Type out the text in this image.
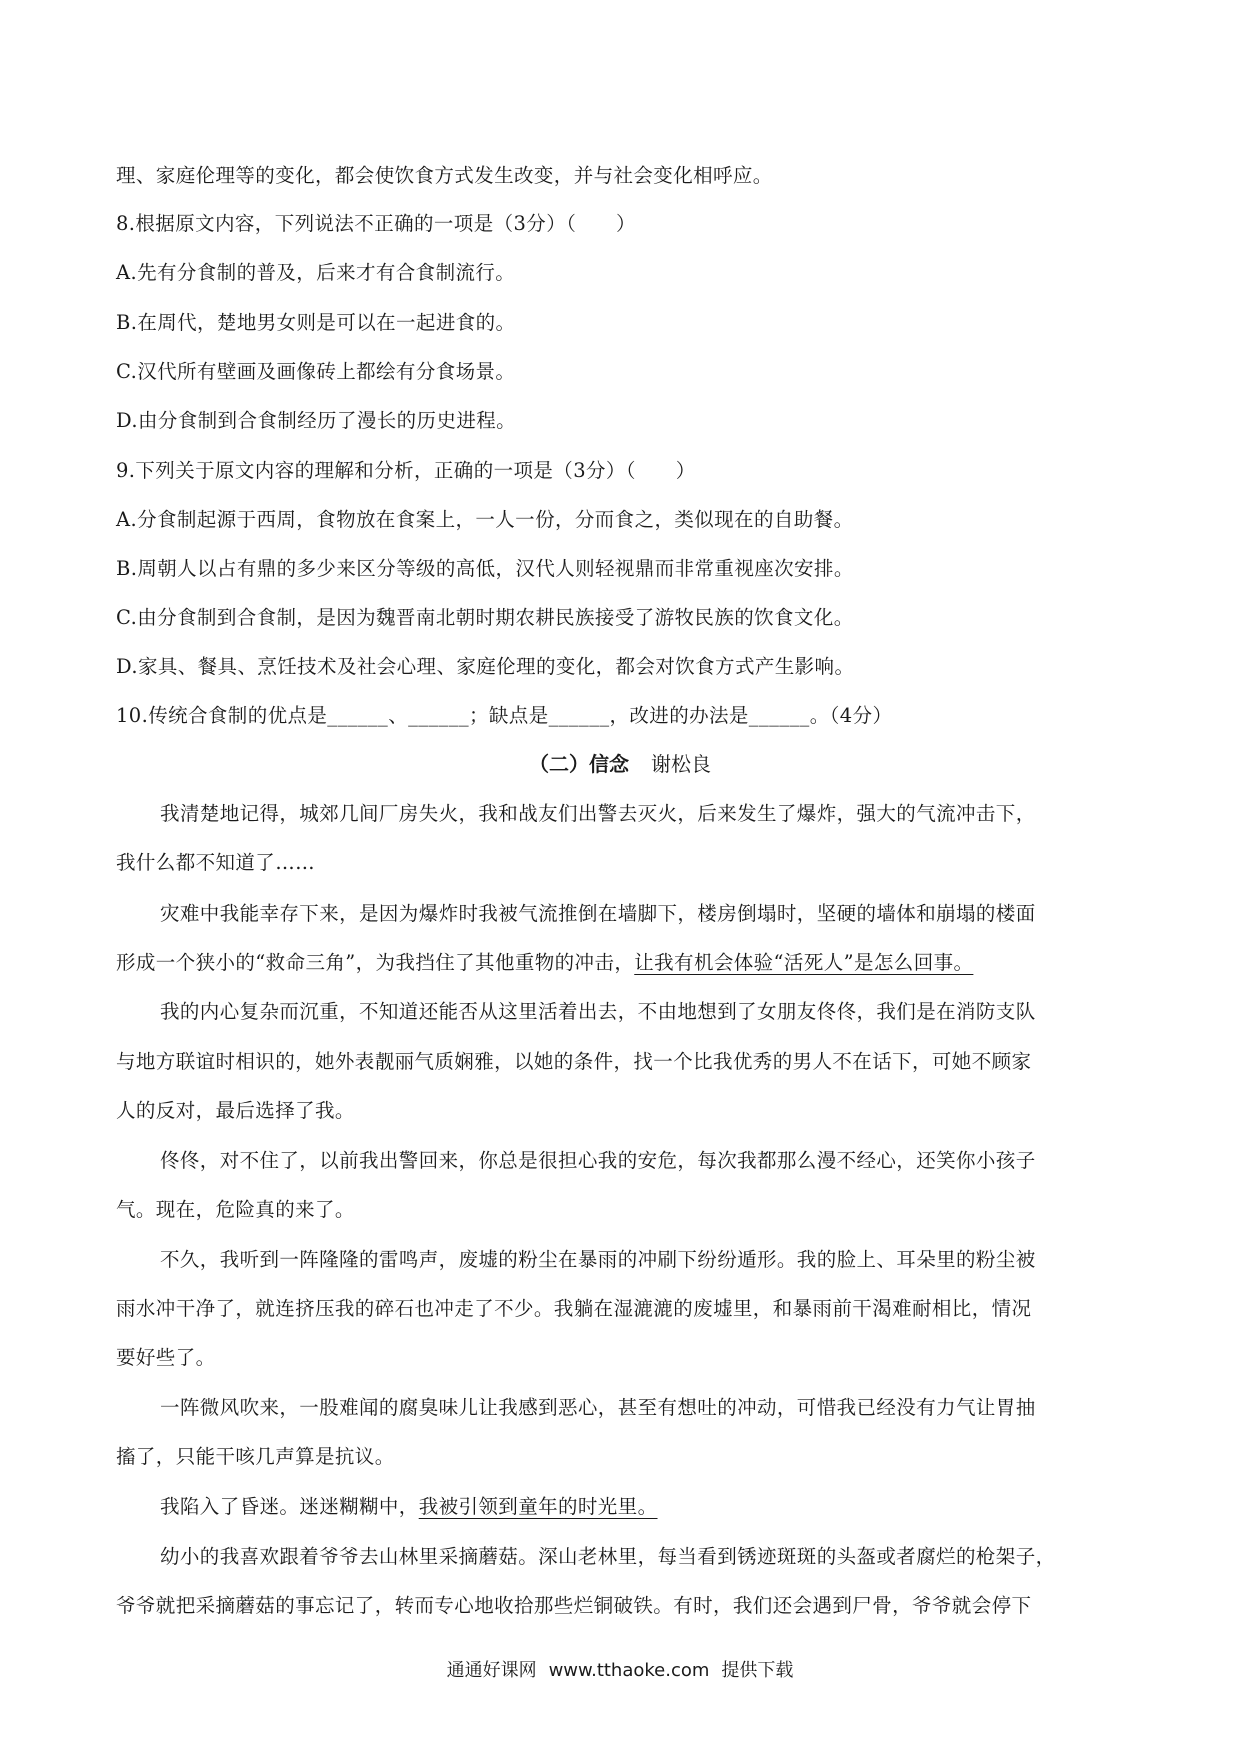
理、家庭伦理等的变化，都会使饮食方式发生改变，并与社会变化相呼应。
8.根据原文内容，下列说法不正确的一项是（3分）（　　）
A.先有分食制的普及，后来才有合食制流行。
B.在周代，楚地男女则是可以在一起进食的。
C.汉代所有壁画及画像砖上都绘有分食场景。
D.由分食制到合食制经历了漫长的历史进程。
9.下列关于原文内容的理解和分析，正确的一项是（3分）（　　）
A.分食制起源于西周，食物放在食案上，一人一份，分而食之，类似现在的自助餐。
B.周朝人以占有鼎的多少来区分等级的高低，汉代人则轻视鼎而非常重视座次安排。
C.由分食制到合食制，是因为魏晋南北朝时期农耕民族接受了游牧民族的饮食文化。
D.家具、餐具、烹饪技术及社会心理、家庭伦理的变化，都会对饮食方式产生影响。
10.传统合食制的优点是______、______；缺点是______，改进的办法是______。（4分）
（二）信念 谢松良
我清楚地记得，城郊几间厂房失火，我和战友们出警去灭火，后来发生了爆炸，强大的气流冲击下，
我什么都不知道了……
灾难中我能幸存下来，是因为爆炸时我被气流推倒在墙脚下，楼房倒塌时，坚硬的墙体和崩塌的楼面
形成一个狭小的“救命三角”，为我挡住了其他重物的冲击，让我有机会体验“活死人”是怎么回事。
我的内心复杂而沉重，不知道还能否从这里活着出去，不由地想到了女朋友佟佟，我们是在消防支队
与地方联谊时相识的，她外表靓丽气质娴雅，以她的条件，找一个比我优秀的男人不在话下，可她不顾家
人的反对，最后选择了我。
佟佟，对不住了，以前我出警回来，你总是很担心我的安危，每次我都那么漫不经心，还笑你小孩子
气。现在，危险真的来了。
不久，我听到一阵隆隆的雷鸣声，废墟的粉尘在暴雨的冲刷下纷纷遁形。我的脸上、耳朵里的粉尘被
雨水冲干净了，就连挤压我的碎石也冲走了不少。我躺在湿漉漉的废墟里，和暴雨前干渴难耐相比，情况
要好些了。
一阵微风吹来，一股难闻的腐臭味儿让我感到恶心，甚至有想吐的冲动，可惜我已经没有力气让胃抽
搐了，只能干咳几声算是抗议。
我陷入了昏迷。迷迷糊糊中，我被引领到童年的时光里。
幼小的我喜欢跟着爷爷去山林里采摘蘑菇。深山老林里，每当看到锈迹斑斑的头盔或者腐烂的枪架子，
爷爷就把采摘蘑菇的事忘记了，转而专心地收拾那些烂铜破铁。有时，我们还会遇到尸骨，爷爷就会停下
通通好课网 www.tthaoke.com 提供下载
